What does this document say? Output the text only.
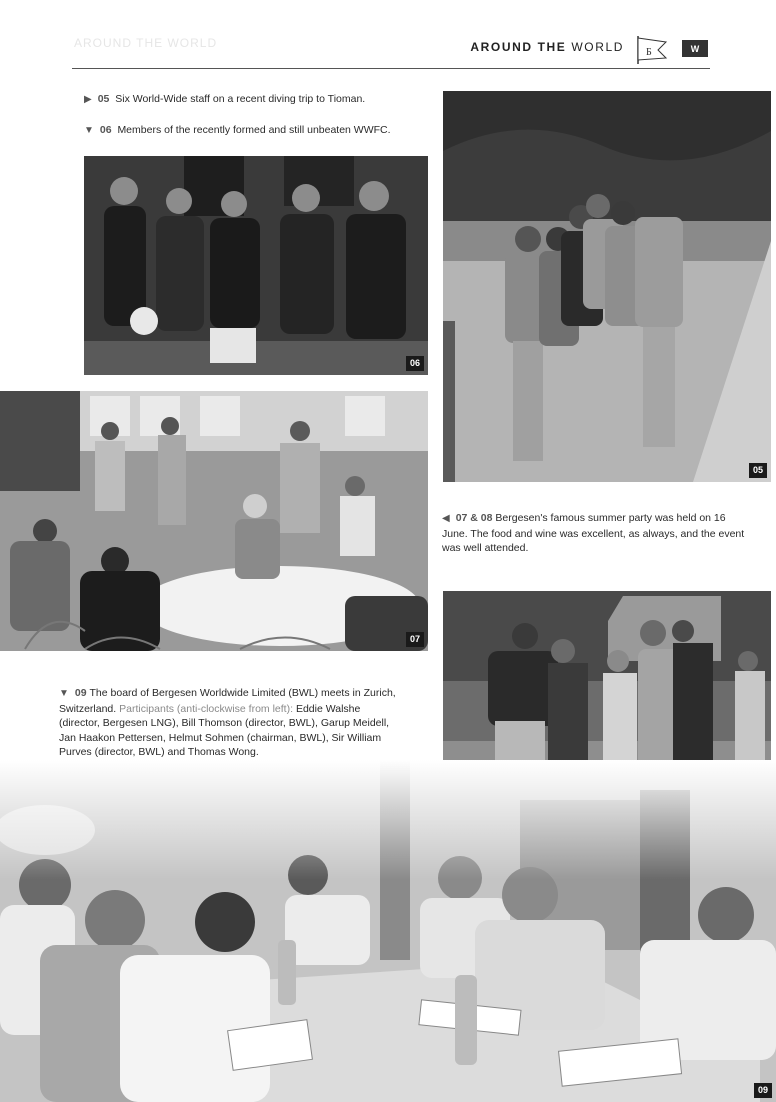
AROUND THE WORLD	AROUND THE WORLD Б	W
▶ 05 Six World-Wide staff on a recent diving trip to Tioman.
▼ 06 Members of the recently formed and still unbeaten WWFC.
06
05
07
◀ 07 & 08 Bergesen's famous summer party was held on 16 June. The food and wine was excellent, as always, and the event was well attended.
▼ 09 The board of Bergesen Worldwide Limited (BWL) meets in Zurich, Switzerland. Participants (anti-clockwise from left): Eddie Walshe (director, Bergesen LNG), Bill Thomson (director, BWL), Garup Meidell, Jan Haakon Pettersen, Helmut Sohmen (chairman, BWL), Sir William Purves (director, BWL) and Thomas Wong.
09
